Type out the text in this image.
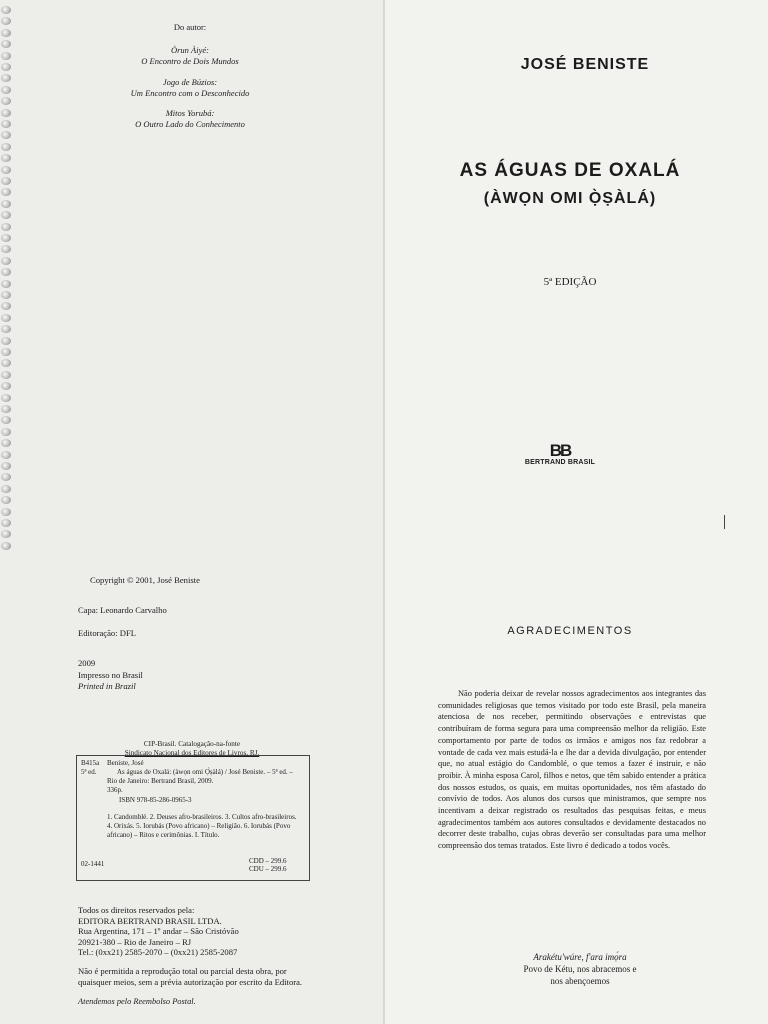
Do autor:
Òrun Àiyé:
O Encontro de Dois Mundos
Jogo de Búzios:
Um Encontro com o Desconhecido
Mitos Yorubá:
O Outro Lado do Conhecimento
Copyright © 2001, José Beniste
Capa: Leonardo Carvalho
Editoração: DFL
2009
Impresso no Brasil
Printed in Brazil
CIP-Brasil. Catalogação-na-fonte
Sindicato Nacional dos Editores de Livros, RJ.
B415a
5ª ed.
Beniste, José
As águas de Oxalá: (àwọn omi Ọ̀ṣàlá) / José Beniste. – 5ª ed. – Rio de Janeiro: Bertrand Brasil, 2009.
336p.
ISBN 978-85-286-0965-3
1. Candomblé. 2. Deuses afro-brasileiros. 3. Cultos afro-brasileiros. 4. Orixás. 5. Iorubás (Povo africano) – Religião. 6. Iorubás (Povo africano) – Ritos e cerimônias. I. Título.
02-1441	CDD – 299.6
CDU – 299.6
Todos os direitos reservados pela:
EDITORA BERTRAND BRASIL LTDA.
Rua Argentina, 171 – 1º andar – São Cristóvão
20921-380 – Rio de Janeiro – RJ
Tel.: (0xx21) 2585-2070 – (0xx21) 2585-2087
Não é permitida a reprodução total ou parcial desta obra, por
quaisquer meios, sem a prévia autorização por escrito da Editora.
Atendemos pelo Reembolso Postal.
JOSÉ BENISTE
AS ÁGUAS DE OXALÁ
(ÀWỌN OMI Ọ̀ṢÀLÁ)
5ª EDIÇÃO
BB
BERTRAND BRASIL
AGRADECIMENTOS
Não poderia deixar de revelar nossos agradecimentos aos integrantes das comunidades religiosas que temos visitado por todo este Brasil, pela maneira atenciosa de nos receber, permitindo observações e entrevistas que contribuíram de forma segura para uma compreensão melhor da religião. Este comportamento por parte de todos os irmãos e amigos nos faz redobrar a vontade de cada vez mais estudá-la e lhe dar a devida divulgação, por entender que, no atual estágio do Candomblé, o que temos a fazer é instruir, e não proibir. À minha esposa Carol, filhos e netos, que têm sabido entender a prática dos nossos estudos, os quais, em muitas oportunidades, nos têm afastado do convívio de todos. Aos alunos dos cursos que ministramos, que sempre nos incentivam a deixar registrado os resultados das pesquisas feitas, e meus agradecimentos também aos autores consultados e devidamente destacados no decorrer deste trabalho, cujas obras deverão ser consultadas para uma melhor compreensão dos temas tratados. Este livro é dedicado a todos vocês.
Arakétu'wúre, f'ara imọ́ra
Povo de Kétu, nos abracemos e
nos abençoemos
